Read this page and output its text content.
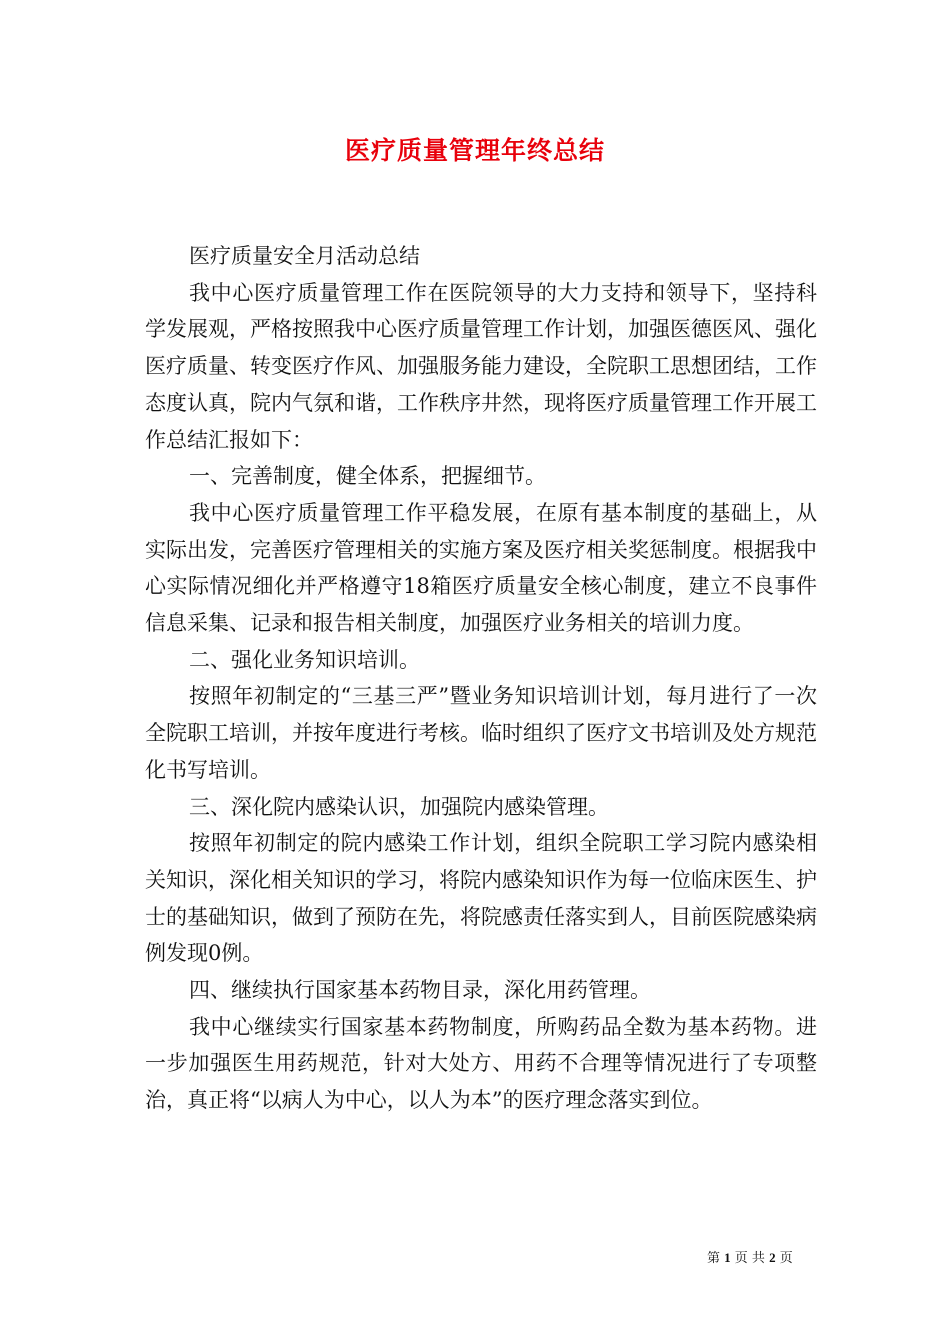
医疗质量管理年终总结

医疗质量安全月活动总结

我中心医疗质量管理工作在医院领导的大力支持和领导下，坚持科学发展观，严格按照我中心医疗质量管理工作计划，加强医德医风、强化医疗质量、转变医疗作风、加强服务能力建设，全院职工思想团结，工作态度认真，院内气氛和谐，工作秩序井然，现将医疗质量管理工作开展工作总结汇报如下：

一、完善制度，健全体系，把握细节。

我中心医疗质量管理工作平稳发展，在原有基本制度的基础上，从实际出发，完善医疗管理相关的实施方案及医疗相关奖惩制度。根据我中心实际情况细化并严格遵守18箱医疗质量安全核心制度，建立不良事件信息采集、记录和报告相关制度，加强医疗业务相关的培训力度。

二、强化业务知识培训。

按照年初制定的“三基三严”暨业务知识培训计划，每月进行了一次全院职工培训，并按年度进行考核。临时组织了医疗文书培训及处方规范化书写培训。

三、深化院内感染认识，加强院内感染管理。

按照年初制定的院内感染工作计划，组织全院职工学习院内感染相关知识，深化相关知识的学习，将院内感染知识作为每一位临床医生、护士的基础知识，做到了预防在先，将院感责任落实到人，目前医院感染病例发现0例。

四、继续执行国家基本药物目录，深化用药管理。

我中心继续实行国家基本药物制度，所购药品全数为基本药物。进一步加强医生用药规范，针对大处方、用药不合理等情况进行了专项整治，真正将“以病人为中心，以人为本”的医疗理念落实到位。

第 1 页 共 2 页
